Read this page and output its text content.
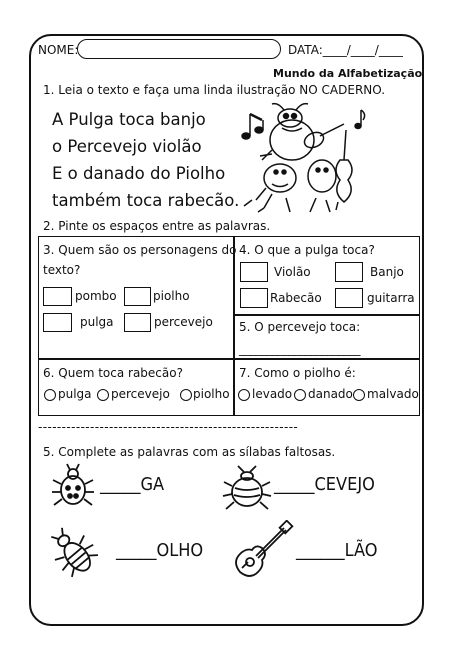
NOME:	DATA:____/____/____
Mundo da Alfabetização
1. Leia o texto e faça uma linda ilustração NO CADERNO.
A Pulga toca banjo
o Percevejo violão
E o danado do Piolho
também toca rabecão.
2. Pinte os espaços entre as palavras.
3. Quem são os personagens do
texto?
pombo	piolho
pulga	percevejo
4. O que a pulga toca?
Violão	Banjo
Rabecão	guitarra
5. O percevejo toca:
______________________
6. Quem toca rabecão?
pulga percevejo piolho
7. Como o piolho é:
levado danado malvado
-------------------------------------------------------
5. Complete as palavras com as sílabas faltosas.
_____GA	_____CEVEJO
_____OLHO	______LÃO
